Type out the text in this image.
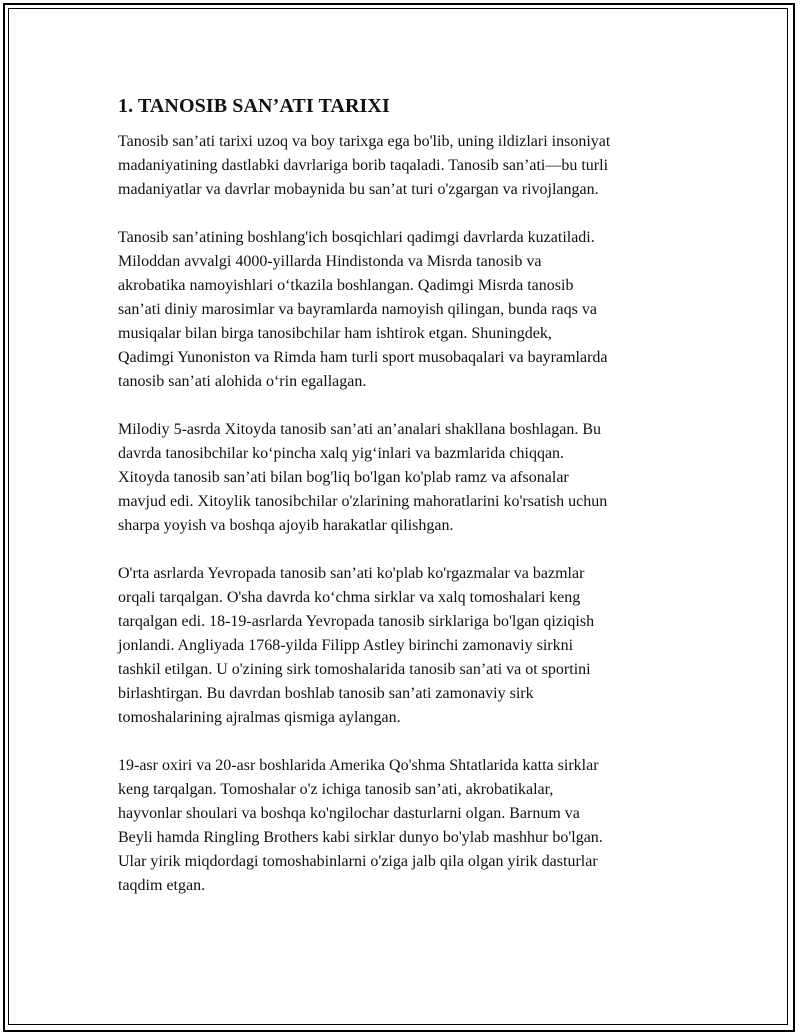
1. TANOSIB SAN’ATI TARIXI
Tanosib san’ati tarixi uzoq va boy tarixga ega bo'lib, uning ildizlari insoniyat
madaniyatining dastlabki davrlariga borib taqaladi. Tanosib san’ati—bu turli
madaniyatlar va davrlar mobaynida bu san’at turi o'zgargan va rivojlangan.
Tanosib san’atining boshlang'ich bosqichlari qadimgi davrlarda kuzatiladi.
Miloddan avvalgi 4000-yillarda Hindistonda va Misrda tanosib va
akrobatika namoyishlari o‘tkazila boshlangan. Qadimgi Misrda tanosib
san’ati diniy marosimlar va bayramlarda namoyish qilingan, bunda raqs va
musiqalar bilan birga tanosibchilar ham ishtirok etgan. Shuningdek,
Qadimgi Yunoniston va Rimda ham turli sport musobaqalari va bayramlarda
tanosib san’ati alohida o‘rin egallagan.
Milodiy 5-asrda Xitoyda tanosib san’ati an’analari shakllana boshlagan. Bu
davrda tanosibchilar ko‘pincha xalq yig‘inlari va bazmlarida chiqqan.
Xitoyda tanosib san’ati bilan bog'liq bo'lgan ko'plab ramz va afsonalar
mavjud edi. Xitoylik tanosibchilar o'zlarining mahoratlarini ko'rsatish uchun
sharpa yoyish va boshqa ajoyib harakatlar qilishgan.
O'rta asrlarda Yevropada tanosib san’ati ko'plab ko'rgazmalar va bazmlar
orqali tarqalgan. O'sha davrda ko‘chma sirklar va xalq tomoshalari keng
tarqalgan edi. 18-19-asrlarda Yevropada tanosib sirklariga bo'lgan qiziqish
jonlandi. Angliyada 1768-yilda Filipp Astley birinchi zamonaviy sirkni
tashkil etilgan. U o'zining sirk tomoshalarida tanosib san’ati va ot sportini
birlashtirgan. Bu davrdan boshlab tanosib san’ati zamonaviy sirk
tomoshalarining ajralmas qismiga aylangan.
19-asr oxiri va 20-asr boshlarida Amerika Qo'shma Shtatlarida katta sirklar
keng tarqalgan. Tomoshalar o'z ichiga tanosib san’ati, akrobatikalar,
hayvonlar shoulari va boshqa ko'ngilochar dasturlarni olgan. Barnum va
Beyli hamda Ringling Brothers kabi sirklar dunyo bo'ylab mashhur bo'lgan.
Ular yirik miqdordagi tomoshabinlarni o'ziga jalb qila olgan yirik dasturlar
taqdim etgan.
